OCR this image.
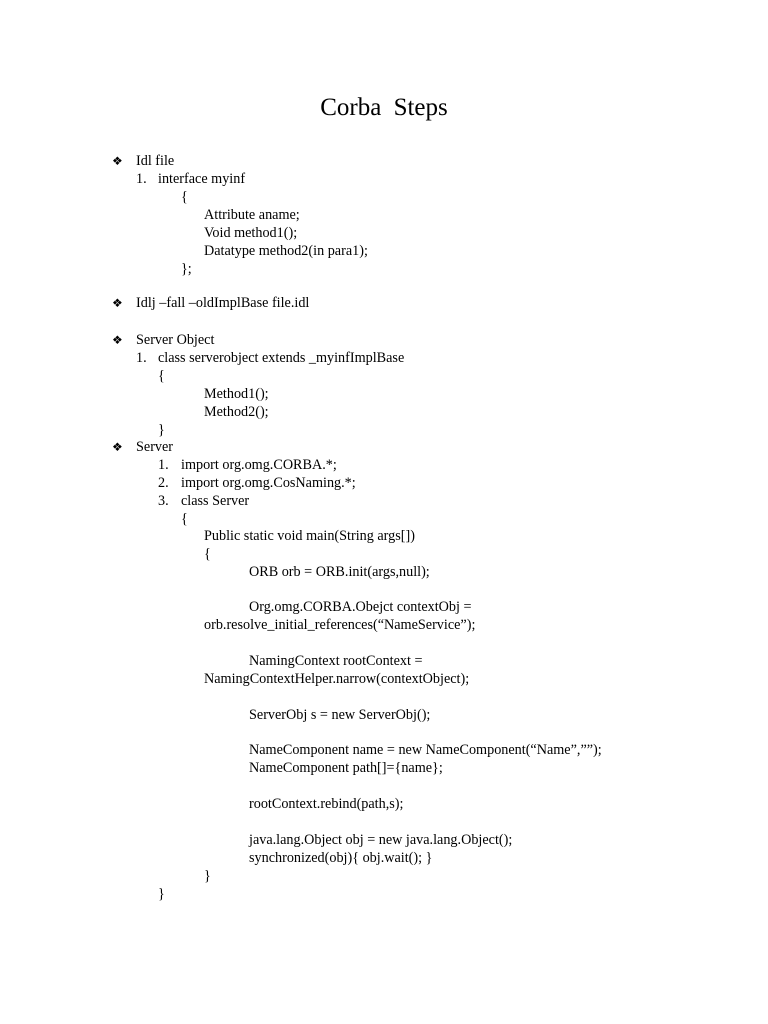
Corba Steps
❖ Idl file
1. interface myinf
{
Attribute aname;
Void method1();
Datatype method2(in para1);
};
❖ Idlj –fall –oldImplBase file.idl
❖ Server Object
1. class serverobject extends _myinfImplBase
{
Method1();
Method2();
}
❖ Server
1. import org.omg.CORBA.*;
2. import org.omg.CosNaming.*;
3. class Server
{
Public static void main(String args[])
{
ORB orb = ORB.init(args,null);
Org.omg.CORBA.Obejct contextObj =
orb.resolve_initial_references(“NameService”);
NamingContext rootContext =
NamingContextHelper.narrow(contextObject);
ServerObj s = new ServerObj();
NameComponent name = new NameComponent(“Name”,””);
NameComponent path[]={name};
rootContext.rebind(path,s);
java.lang.Object obj = new java.lang.Object();
synchronized(obj){ obj.wait(); }
}
}
